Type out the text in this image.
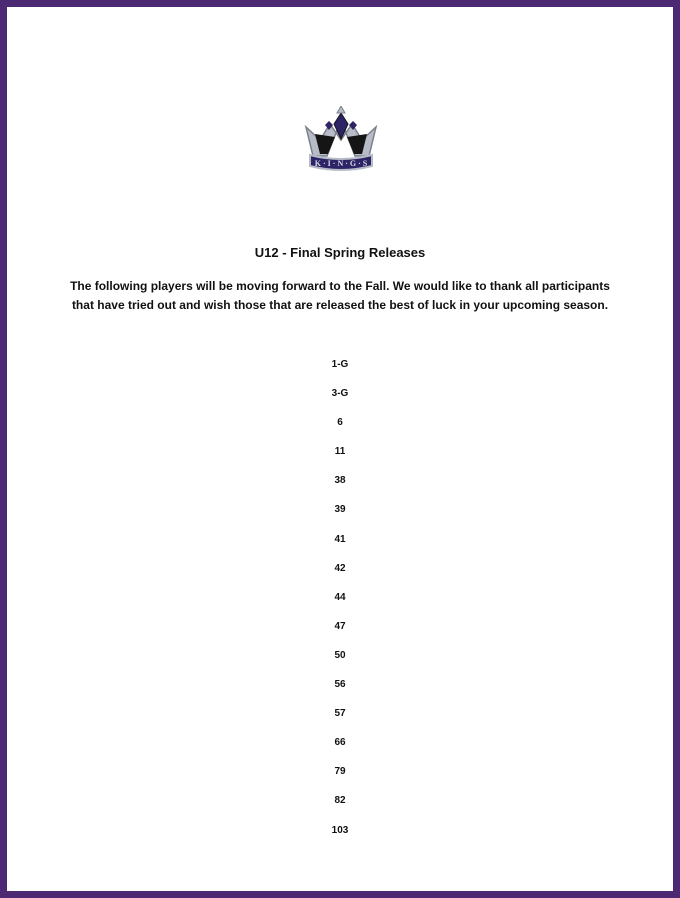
K · I · N · G · S
U12 - Final Spring Releases
The following players will be moving forward to the Fall. We would like to thank all participants that have tried out and wish those that are released the best of luck in your upcoming season.
1-G
3-G
6
11
38
39
41
42
44
47
50
56
57
66
79
82
103
